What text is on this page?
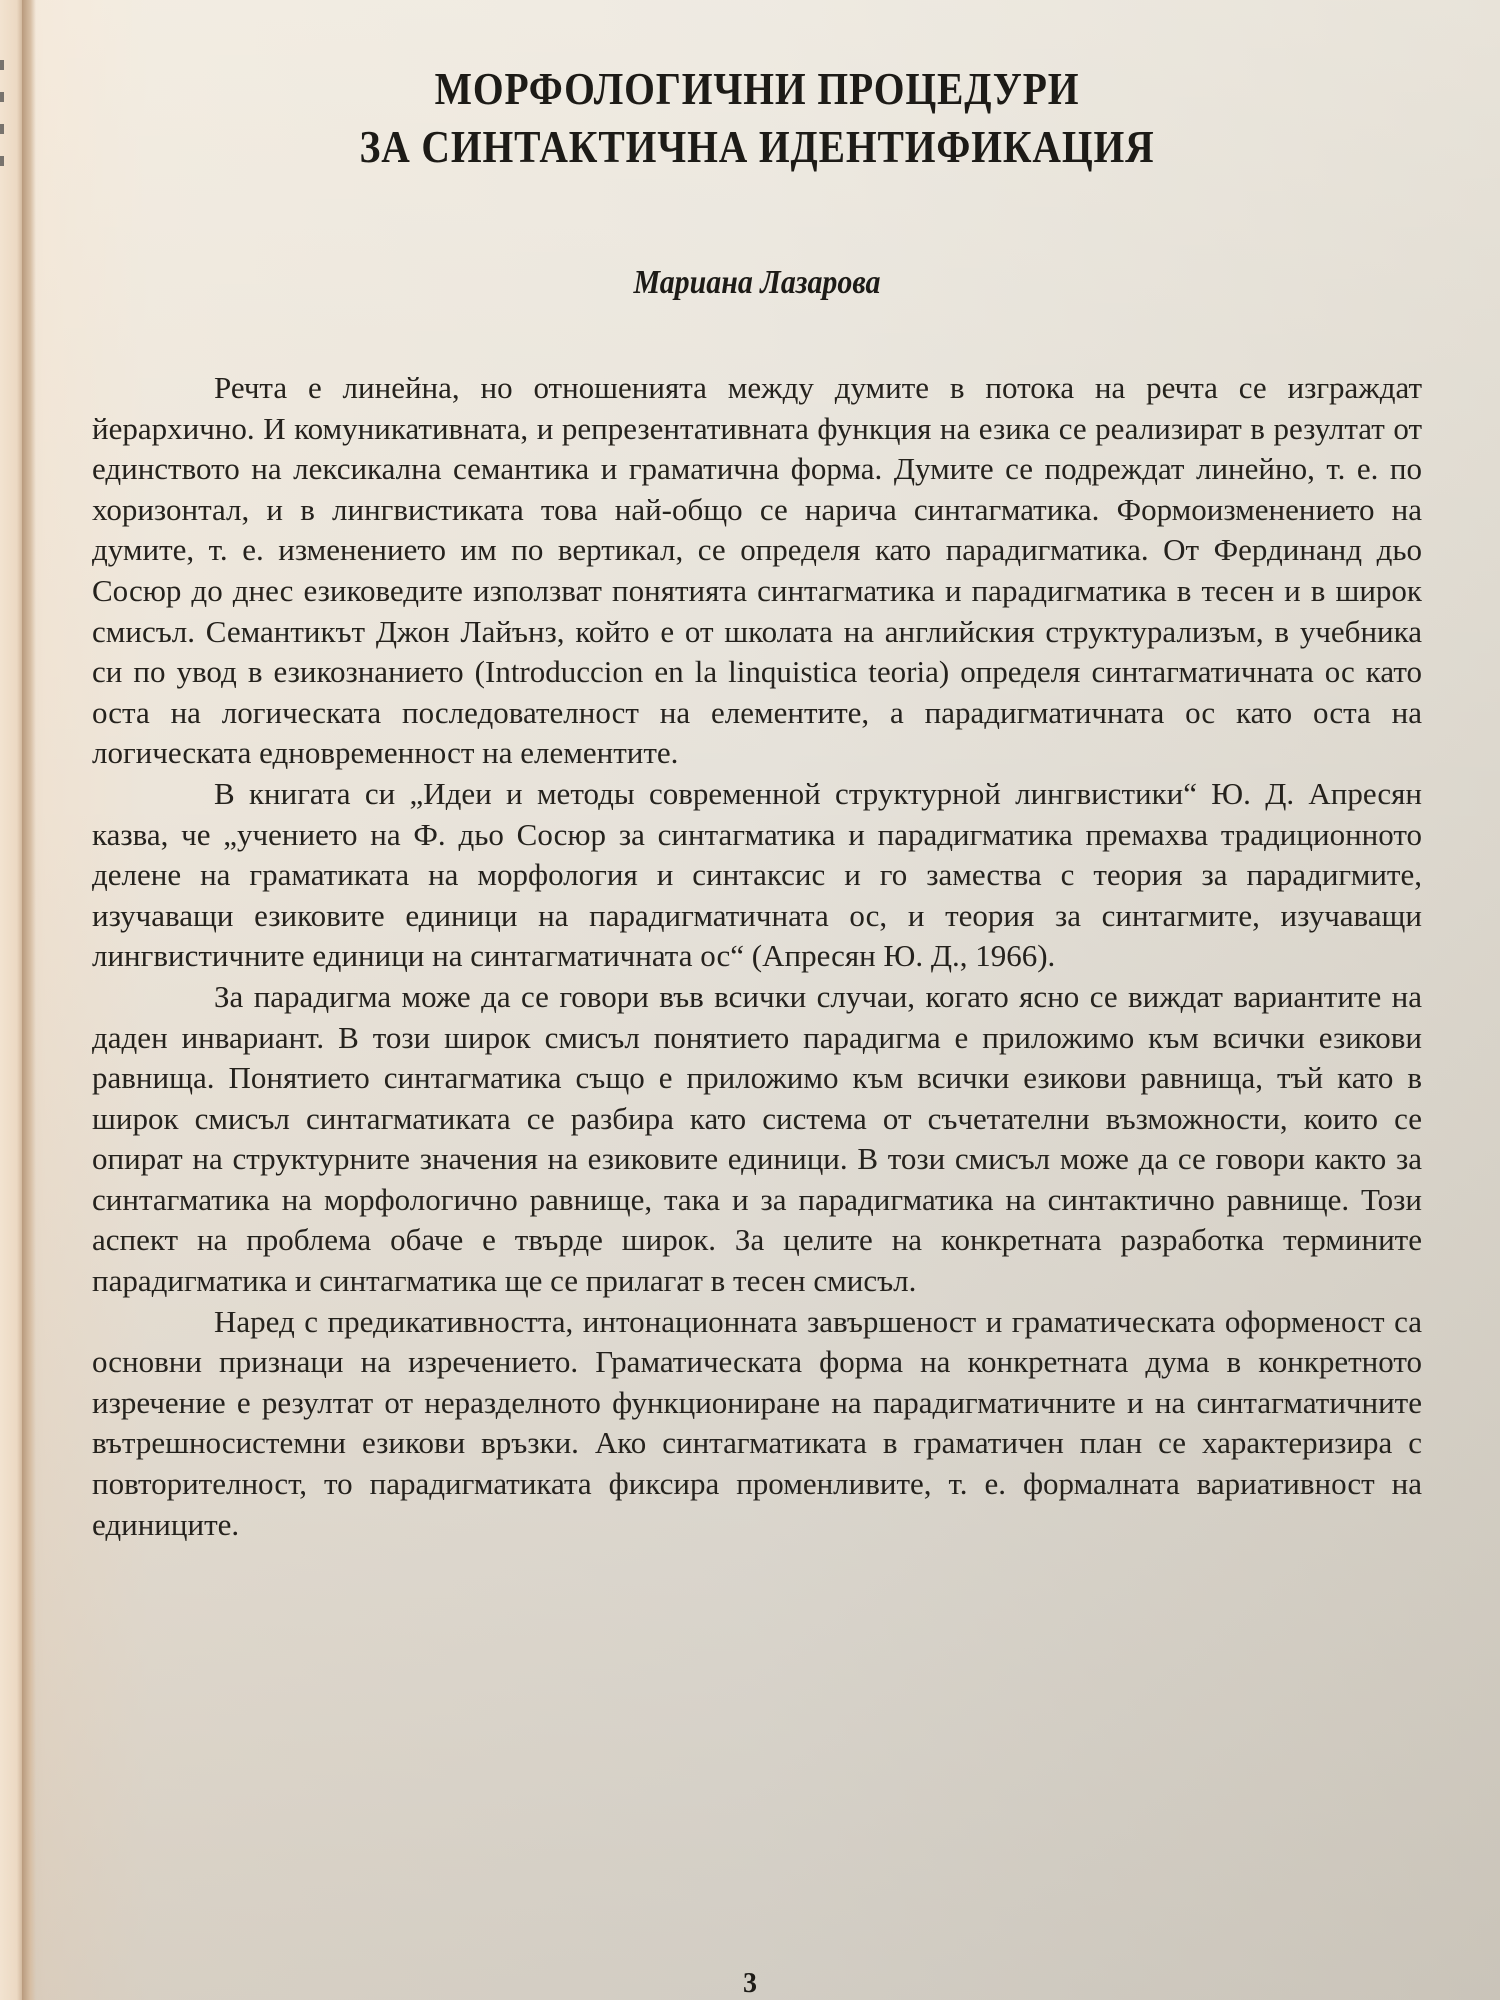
МОРФОЛОГИЧНИ ПРОЦЕДУРИ
ЗА СИНТАКТИЧНА ИДЕНТИФИКАЦИЯ
Мариана Лазарова

Речта е линейна, но отношенията между думите в потока на речта се изграждат йерархично. И комуникативната, и репрезентативната функция на езика се реализират в резултат от единството на лексикална семантика и граматична форма. Думите се подреждат линейно, т. е. по хоризонтал, и в лингвистиката това най-общо се нарича синтагматика. Формоизменението на думите, т. е. изменението им по вертикал, се определя като парадигматика. От Фердинанд дьо Сосюр до днес езиковедите използват понятията синтагматика и парадигматика в тесен и в широк смисъл. Семантикът Джон Лайънз, който е от школата на английския структурализъм, в учебника си по увод в езикознанието (Introduccion en la linquistica teoria) определя синтагматичната ос като оста на логическата последователност на елементите, а парадигматичната ос като оста на логическата едновременност на елементите.

В книгата си „Идеи и методы современной структурной лингвистики“ Ю. Д. Апресян казва, че „учението на Ф. дьо Сосюр за синтагматика и парадигматика премахва традиционното делене на граматиката на морфология и синтаксис и го замества с теория за парадигмите, изучаващи езиковите единици на парадигматичната ос, и теория за синтагмите, изучаващи лингвистичните единици на синтагматичната ос“ (Апресян Ю. Д., 1966).

За парадигма може да се говори във всички случаи, когато ясно се виждат вариантите на даден инвариант. В този широк смисъл понятието парадигма е приложимо към всички езикови равнища. Понятието синтагматика също е приложимо към всички езикови равнища, тъй като в широк смисъл синтагматиката се разбира като система от съчетателни възможности, които се опират на структурните значения на езиковите единици. В този смисъл може да се говори както за синтагматика на морфологично равнище, така и за парадигматика на синтактично равнище. Този аспект на проблема обаче е твърде широк. За целите на конкретната разработка термините парадигматика и синтагматика ще се прилагат в тесен смисъл.

Наред с предикативността, интонационната завършеност и граматическата оформеност са основни признаци на изречението. Граматическата форма на конкретната дума в конкретното изречение е резултат от неразделното функциониране на парадигматичните и на синтагматичните вътрешносистемни езикови връзки. Ако синтагматиката в граматичен план се характеризира с повторителност, то парадигматиката фиксира променливите, т. е. формалната вариативност на единиците.

3
